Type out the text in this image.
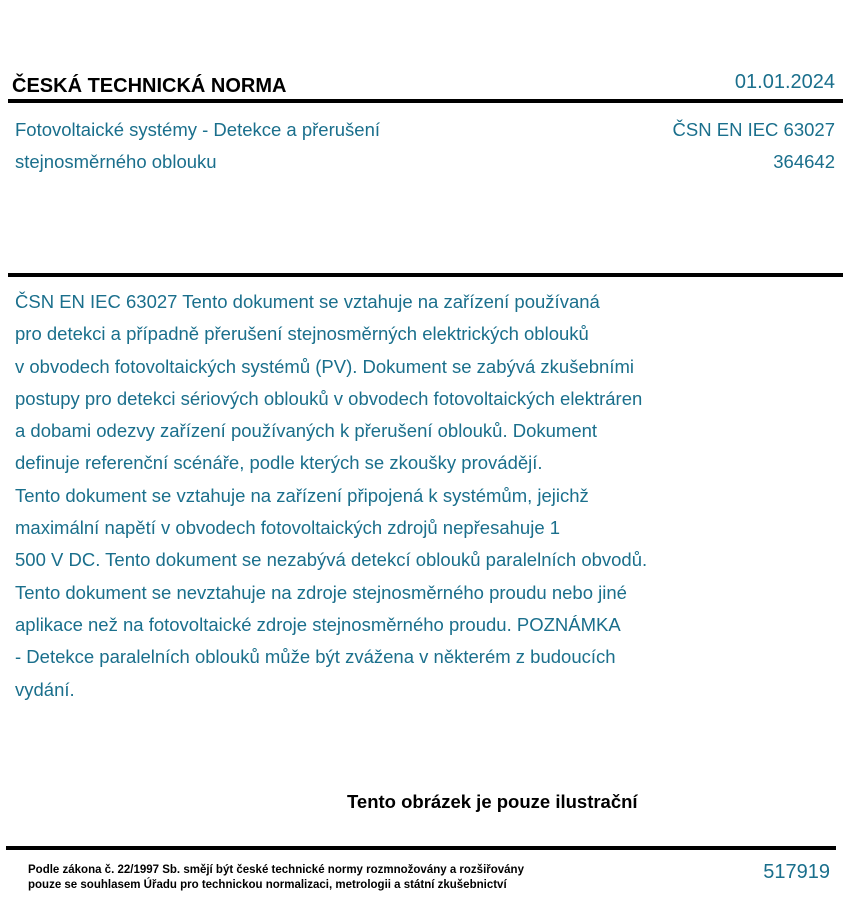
ČESKÁ TECHNICKÁ NORMA	01.01.2024
Fotovoltaické systémy - Detekce a přerušení stejnosměrného oblouku
ČSN EN IEC 63027
364642
ČSN EN IEC 63027 Tento dokument se vztahuje na zařízení používaná
pro detekci a případně přerušení stejnosměrných elektrických oblouků
v obvodech fotovoltaických systémů (PV). Dokument se zabývá zkušebními
postupy pro detekci sériových oblouků v obvodech fotovoltaických elektráren
a dobami odezvy zařízení používaných k přerušení oblouků. Dokument
definuje referenční scénáře, podle kterých se zkoušky provádějí.
Tento dokument se vztahuje na zařízení připojená k systémům, jejichž
maximální napětí v obvodech fotovoltaických zdrojů nepřesahuje 1
500 V DC. Tento dokument se nezabývá detekcí oblouků paralelních obvodů.
Tento dokument se nevztahuje na zdroje stejnosměrného proudu nebo jiné
aplikace než na fotovoltaické zdroje stejnosměrného proudu. POZNÁMKA
- Detekce paralelních oblouků může být zvážena v některém z budoucích
vydání.
Tento obrázek je pouze ilustrační
Podle zákona č. 22/1997 Sb. smějí být české technické normy rozmnožovány a rozšiřovány
pouze se souhlasem Úřadu pro technickou normalizaci, metrologii a státní zkušebnictví
517919
